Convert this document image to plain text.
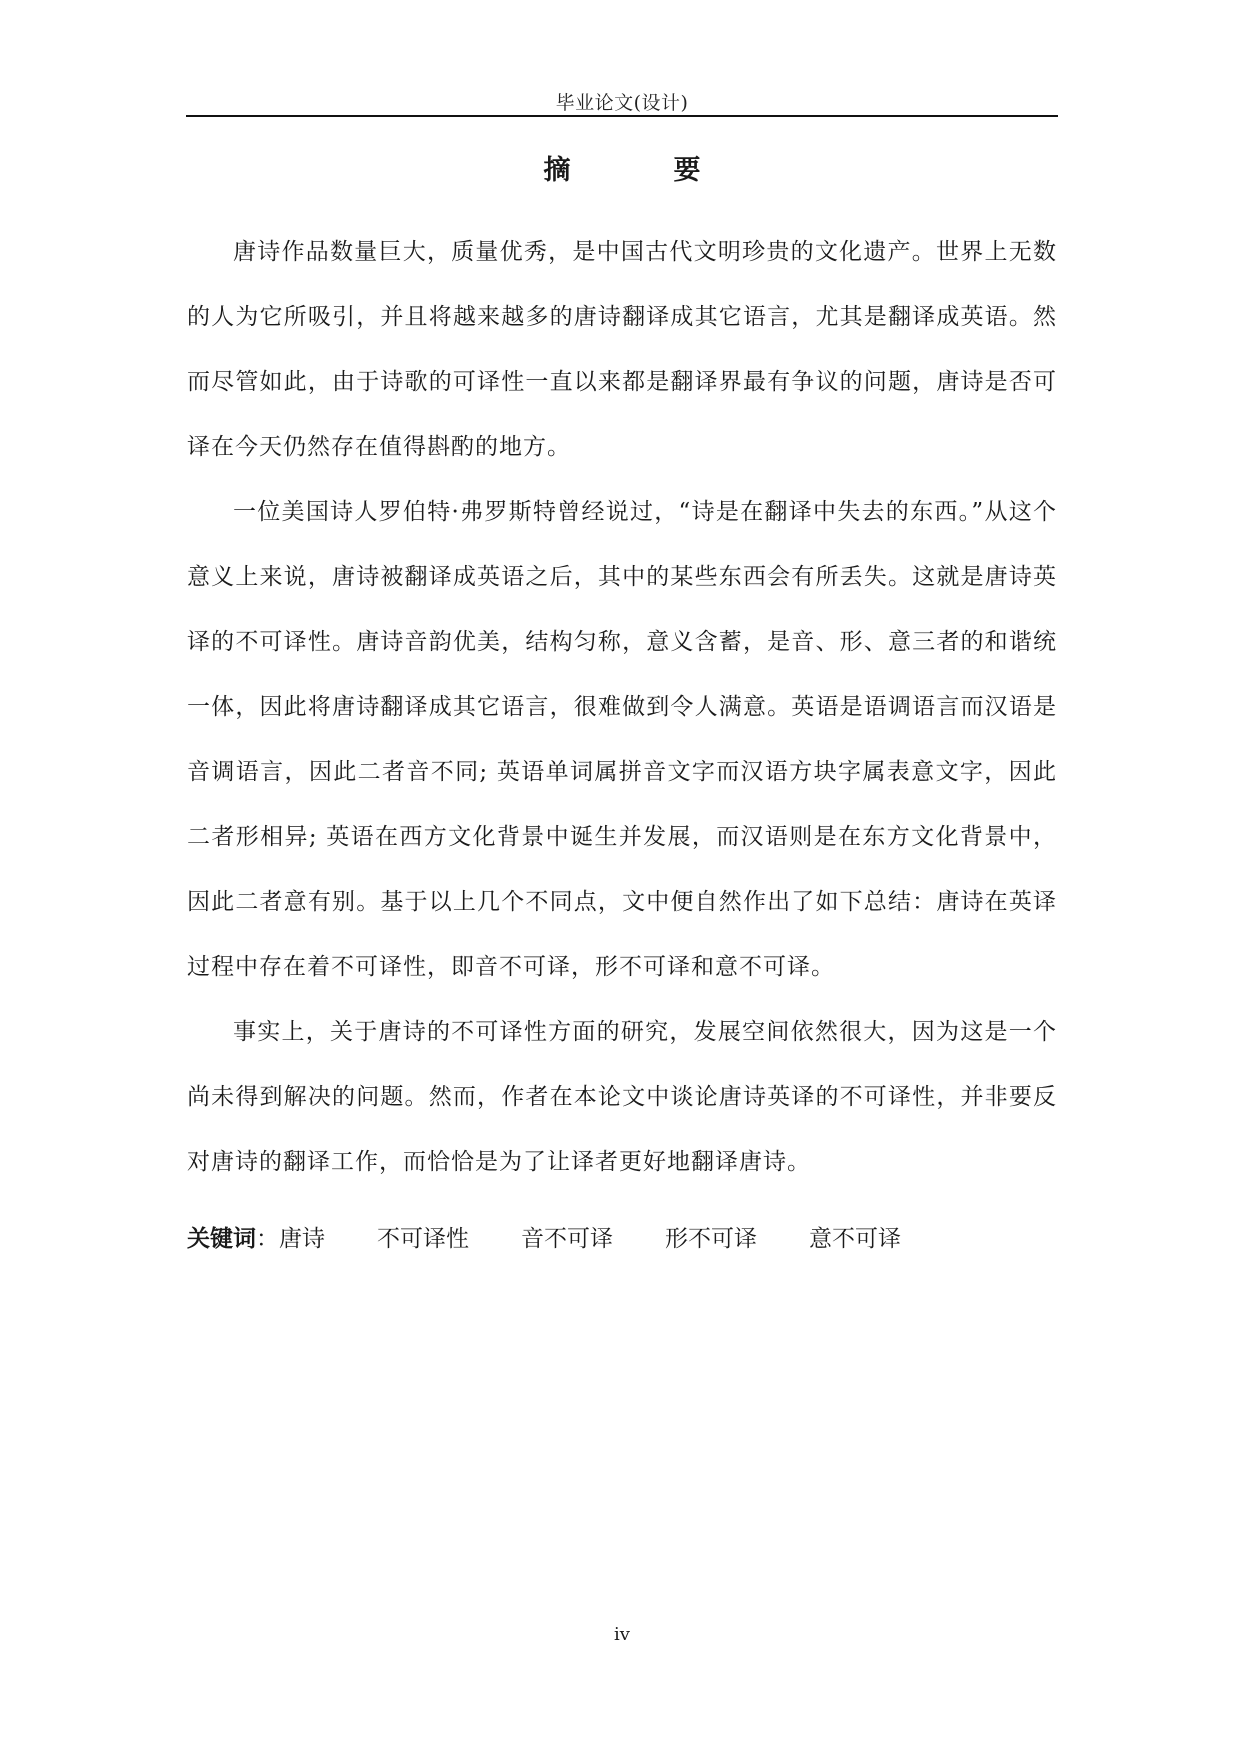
毕业论文(设计)
摘　要

唐诗作品数量巨大，质量优秀，是中国古代文明珍贵的文化遗产。世界上无数的人为它所吸引，并且将越来越多的唐诗翻译成其它语言，尤其是翻译成英语。然而尽管如此，由于诗歌的可译性一直以来都是翻译界最有争议的问题，唐诗是否可译在今天仍然存在值得斟酌的地方。

一位美国诗人罗伯特·弗罗斯特曾经说过，“诗是在翻译中失去的东西。”从这个意义上来说，唐诗被翻译成英语之后，其中的某些东西会有所丢失。这就是唐诗英译的不可译性。唐诗音韵优美，结构匀称，意义含蓄，是音、形、意三者的和谐统一体，因此将唐诗翻译成其它语言，很难做到令人满意。英语是语调语言而汉语是音调语言，因此二者音不同; 英语单词属拼音文字而汉语方块字属表意文字，因此二者形相异; 英语在西方文化背景中诞生并发展，而汉语则是在东方文化背景中，因此二者意有别。基于以上几个不同点，文中便自然作出了如下总结：唐诗在英译过程中存在着不可译性，即音不可译，形不可译和意不可译。

事实上，关于唐诗的不可译性方面的研究，发展空间依然很大，因为这是一个尚未得到解决的问题。然而，作者在本论文中谈论唐诗英译的不可译性，并非要反对唐诗的翻译工作，而恰恰是为了让译者更好地翻译唐诗。

关键词：唐诗 不可译性 音不可译 形不可译 意不可译
iv
